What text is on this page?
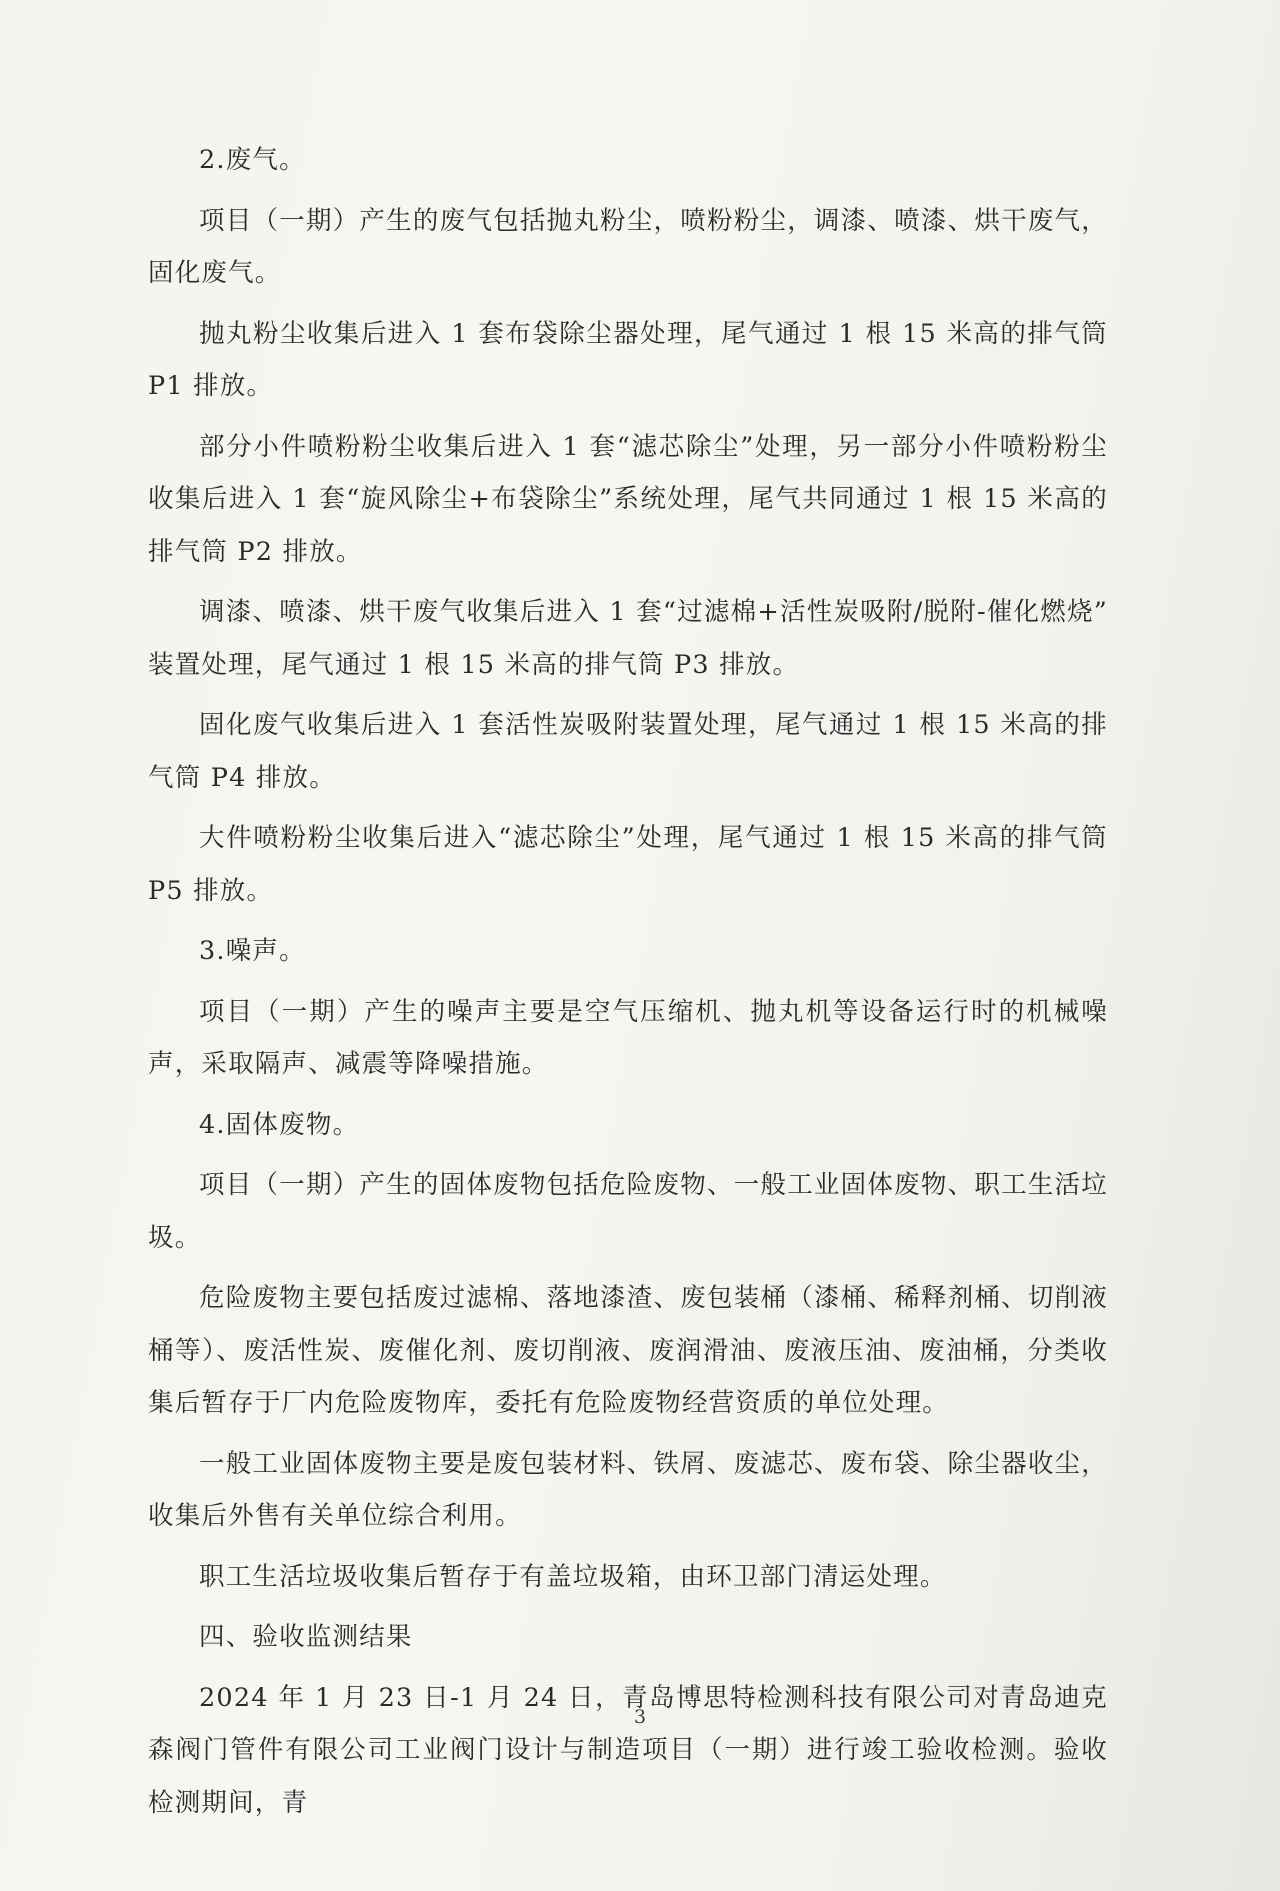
2.废气。

项目（一期）产生的废气包括抛丸粉尘，喷粉粉尘，调漆、喷漆、烘干废气，固化废气。

抛丸粉尘收集后进入 1 套布袋除尘器处理，尾气通过 1 根 15 米高的排气筒 P1 排放。

部分小件喷粉粉尘收集后进入 1 套“滤芯除尘”处理，另一部分小件喷粉粉尘收集后进入 1 套“旋风除尘+布袋除尘”系统处理，尾气共同通过 1 根 15 米高的排气筒 P2 排放。

调漆、喷漆、烘干废气收集后进入 1 套“过滤棉+活性炭吸附/脱附-催化燃烧” 装置处理，尾气通过 1 根 15 米高的排气筒 P3 排放。

固化废气收集后进入 1 套活性炭吸附装置处理，尾气通过 1 根 15 米高的排气筒 P4 排放。

大件喷粉粉尘收集后进入“滤芯除尘”处理，尾气通过 1 根 15 米高的排气筒 P5 排放。

3.噪声。

项目（一期）产生的噪声主要是空气压缩机、抛丸机等设备运行时的机械噪声，采取隔声、减震等降噪措施。

4.固体废物。

项目（一期）产生的固体废物包括危险废物、一般工业固体废物、职工生活垃圾。

危险废物主要包括废过滤棉、落地漆渣、废包装桶（漆桶、稀释剂桶、切削液桶等）、废活性炭、废催化剂、废切削液、废润滑油、废液压油、废油桶，分类收集后暂存于厂内危险废物库，委托有危险废物经营资质的单位处理。

一般工业固体废物主要是废包装材料、铁屑、废滤芯、废布袋、除尘器收尘，收集后外售有关单位综合利用。

职工生活垃圾收集后暂存于有盖垃圾箱，由环卫部门清运处理。

四、验收监测结果

2024 年 1 月 23 日-1 月 24 日，青岛博思特检测科技有限公司对青岛迪克森阀门管件有限公司工业阀门设计与制造项目（一期）进行竣工验收检测。验收检测期间，青

3
